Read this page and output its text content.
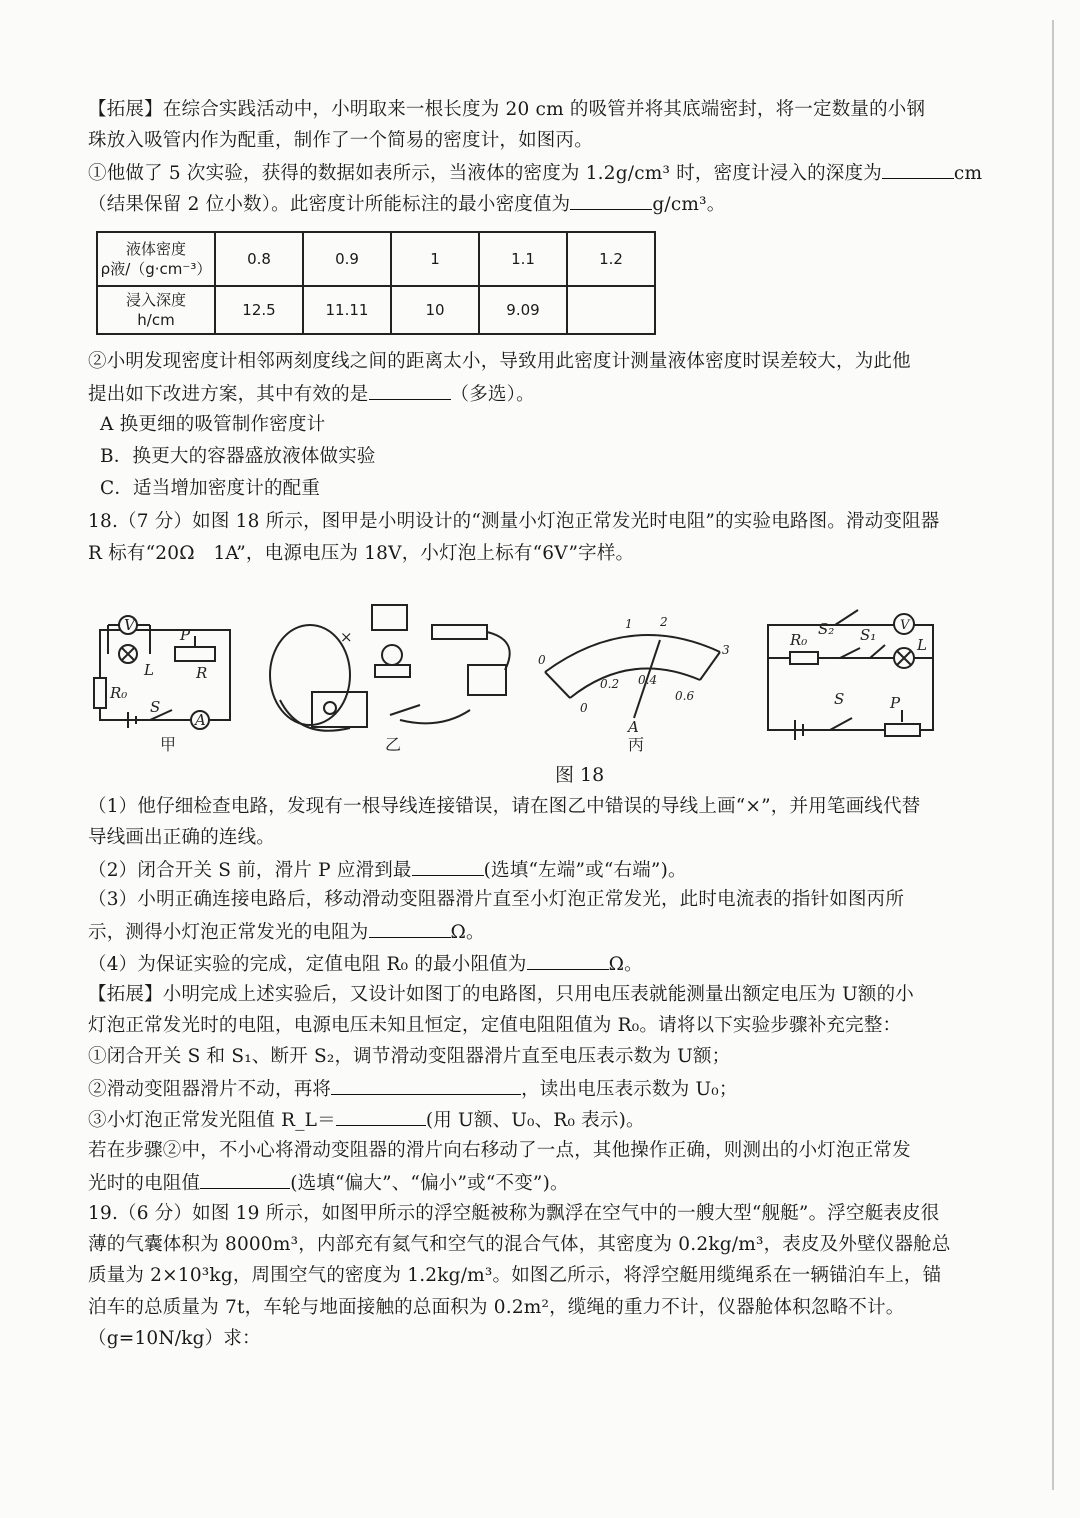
【拓展】在综合实践活动中，小明取来一根长度为 20 cm 的吸管并将其底端密封，将一定数量的小钢
珠放入吸管内作为配重，制作了一个简易的密度计，如图丙。
①他做了 5 次实验，获得的数据如表所示，当液体的密度为 1.2g/cm³ 时，密度计浸入的深度为	cm
（结果保留 2 位小数）。此密度计所能标注的最小密度值为	g/cm³。
液体密度
ρ液/（g·cm⁻³）	0.8	0.9	1	1.1	1.2
浸入深度
h/cm	12.5	11.11	10	9.09	
②小明发现密度计相邻两刻度线之间的距离太小，导致用此密度计测量液体密度时误差较大，为此他
提出如下改进方案，其中有效的是	（多选）。
A 换更细的吸管制作密度计
B．换更大的容器盛放液体做实验
C．适当增加密度计的配重
18.（7 分）如图 18 所示，图甲是小明设计的“测量小灯泡正常发光时电阻”的实验电路图。滑动变阻器
R 标有“20Ω　1A”，电源电压为 18V，小灯泡上标有“6V”字样。
V
A
L
P
R
R₀
S
×
0
0.2 0.4
0.6
0
1 2
3
A
R₀
S₂ S₁
V
L
S	P
甲	乙	丙
图 18
（1）他仔细检查电路，发现有一根导线连接错误，请在图乙中错误的导线上画“×”，并用笔画线代替
导线画出正确的连线。
（2）闭合开关 S 前，滑片 P 应滑到最	(选填“左端”或“右端”)。
（3）小明正确连接电路后，移动滑动变阻器滑片直至小灯泡正常发光，此时电流表的指针如图丙所
示，测得小灯泡正常发光的电阻为	Ω。
（4）为保证实验的完成，定值电阻 R₀ 的最小阻值为	Ω。
【拓展】小明完成上述实验后，又设计如图丁的电路图，只用电压表就能测量出额定电压为 U额的小
灯泡正常发光时的电阻，电源电压未知且恒定，定值电阻阻值为 R₀。请将以下实验步骤补充完整：
①闭合开关 S 和 S₁、断开 S₂，调节滑动变阻器滑片直至电压表示数为 U额；
②滑动变阻器滑片不动，再将	，读出电压表示数为 U₀；
③小灯泡正常发光阻值 R_L＝	(用 U额、U₀、R₀ 表示)。
若在步骤②中，不小心将滑动变阻器的滑片向右移动了一点，其他操作正确，则测出的小灯泡正常发
光时的电阻值	(选填“偏大”、“偏小”或“不变”)。
19.（6 分）如图 19 所示，如图甲所示的浮空艇被称为飘浮在空气中的一艘大型“舰艇”。浮空艇表皮很
薄的气囊体积为 8000m³，内部充有氦气和空气的混合气体，其密度为 0.2kg/m³，表皮及外壁仪器舱总
质量为 2×10³kg，周围空气的密度为 1.2kg/m³。如图乙所示，将浮空艇用缆绳系在一辆锚泊车上，锚
泊车的总质量为 7t，车轮与地面接触的总面积为 0.2m²，缆绳的重力不计，仪器舱体积忽略不计。
（g=10N/kg）求：
